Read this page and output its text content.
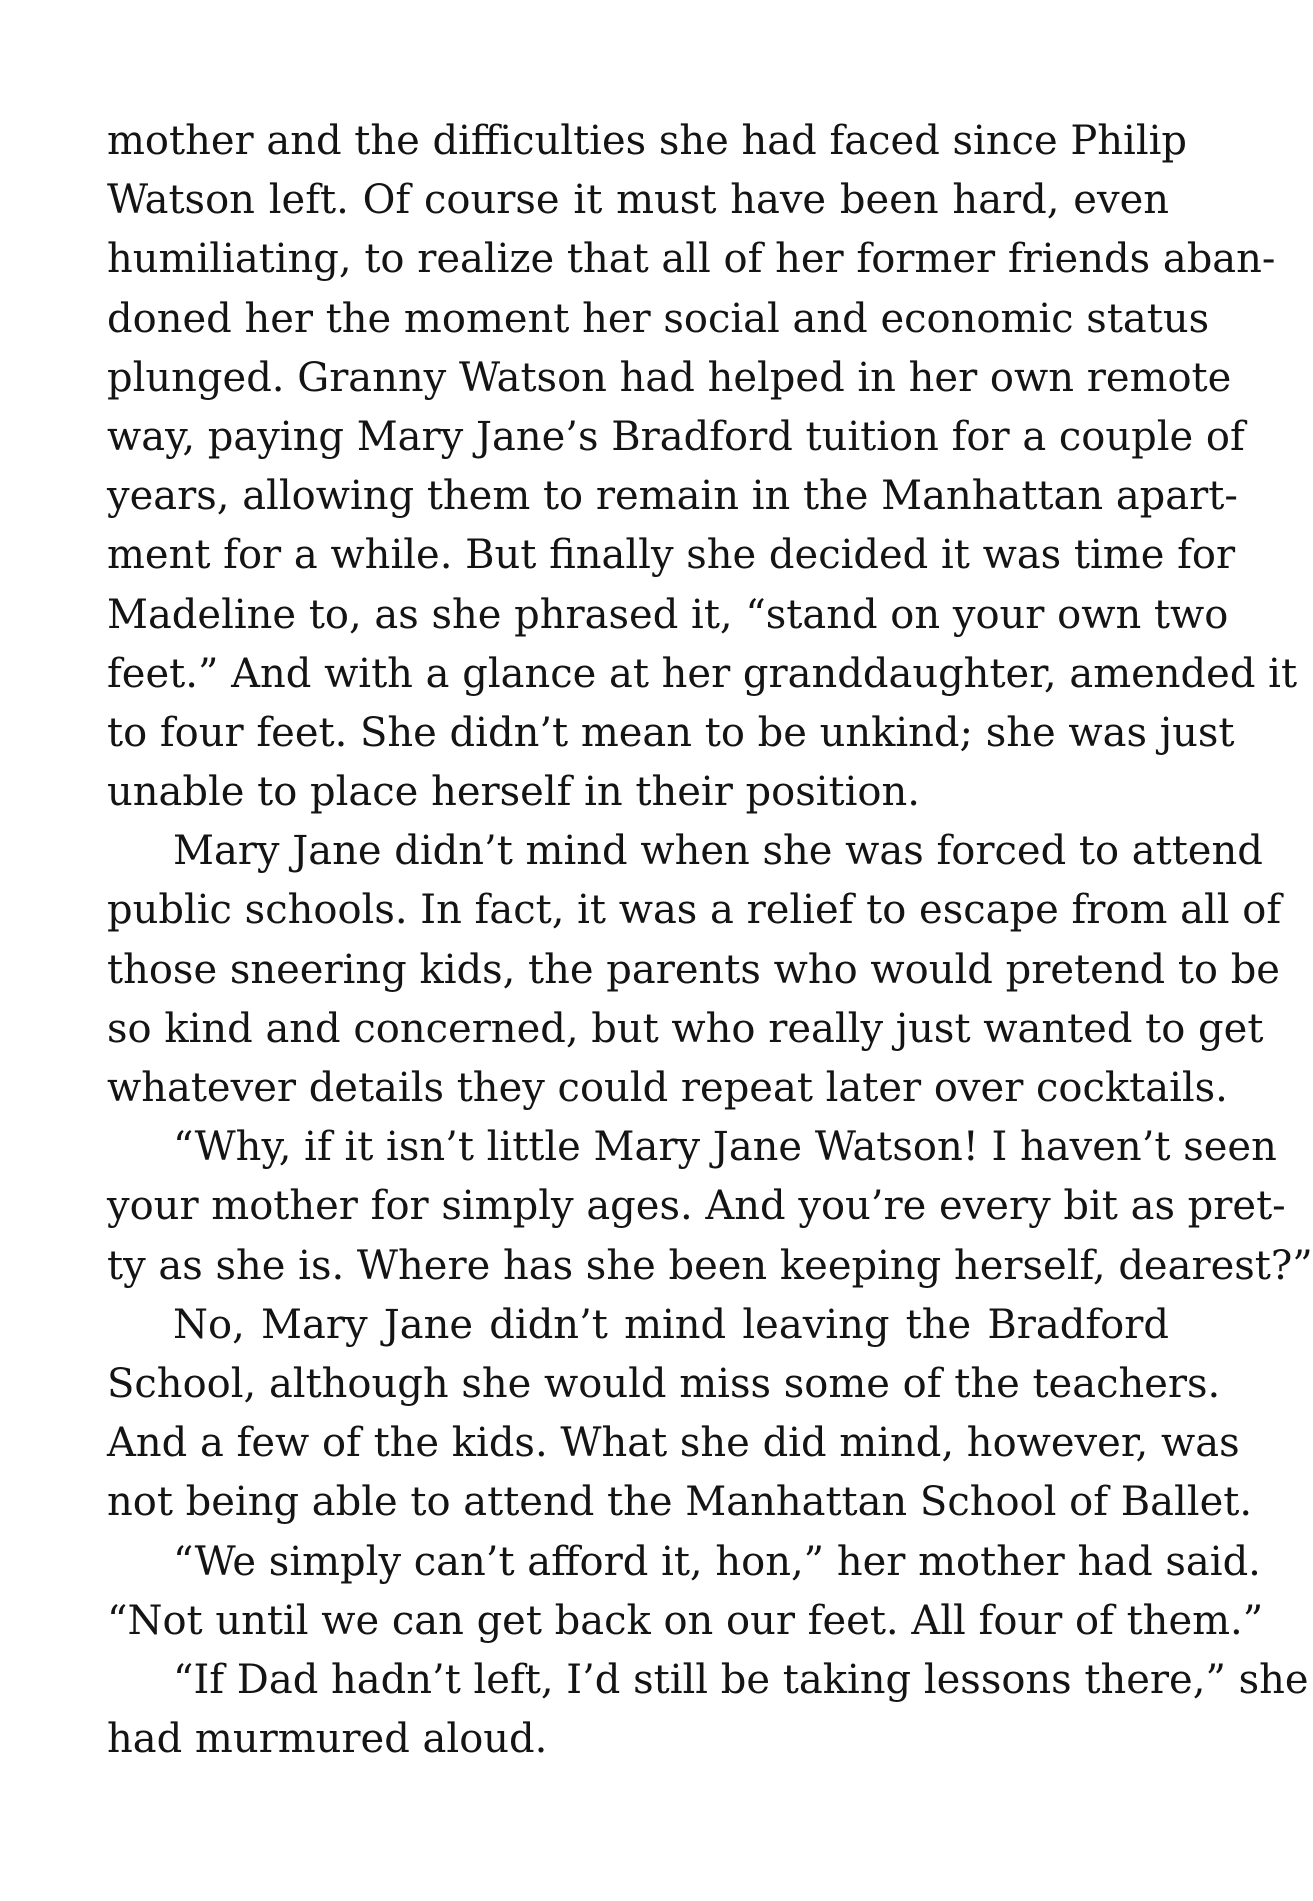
mother and the difficulties she had faced since Philip
Watson left. Of course it must have been hard, even
humiliating, to realize that all of her former friends aban-
doned her the moment her social and economic status
plunged. Granny Watson had helped in her own remote
way, paying Mary Jane’s Bradford tuition for a couple of
years, allowing them to remain in the Manhattan apart-
ment for a while. But finally she decided it was time for
Madeline to, as she phrased it, “stand on your own two
feet.” And with a glance at her granddaughter, amended it
to four feet. She didn’t mean to be unkind; she was just
unable to place herself in their position.
Mary Jane didn’t mind when she was forced to attend
public schools. In fact, it was a relief to escape from all of
those sneering kids, the parents who would pretend to be
so kind and concerned, but who really just wanted to get
whatever details they could repeat later over cocktails.
“Why, if it isn’t little Mary Jane Watson! I haven’t seen
your mother for simply ages. And you’re every bit as pret-
ty as she is. Where has she been keeping herself, dearest?”
No, Mary Jane didn’t mind leaving the Bradford
School, although she would miss some of the teachers.
And a few of the kids. What she did mind, however, was
not being able to attend the Manhattan School of Ballet.
“We simply can’t afford it, hon,” her mother had said.
“Not until we can get back on our feet. All four of them.”
“If Dad hadn’t left, I’d still be taking lessons there,” she
had murmured aloud.
